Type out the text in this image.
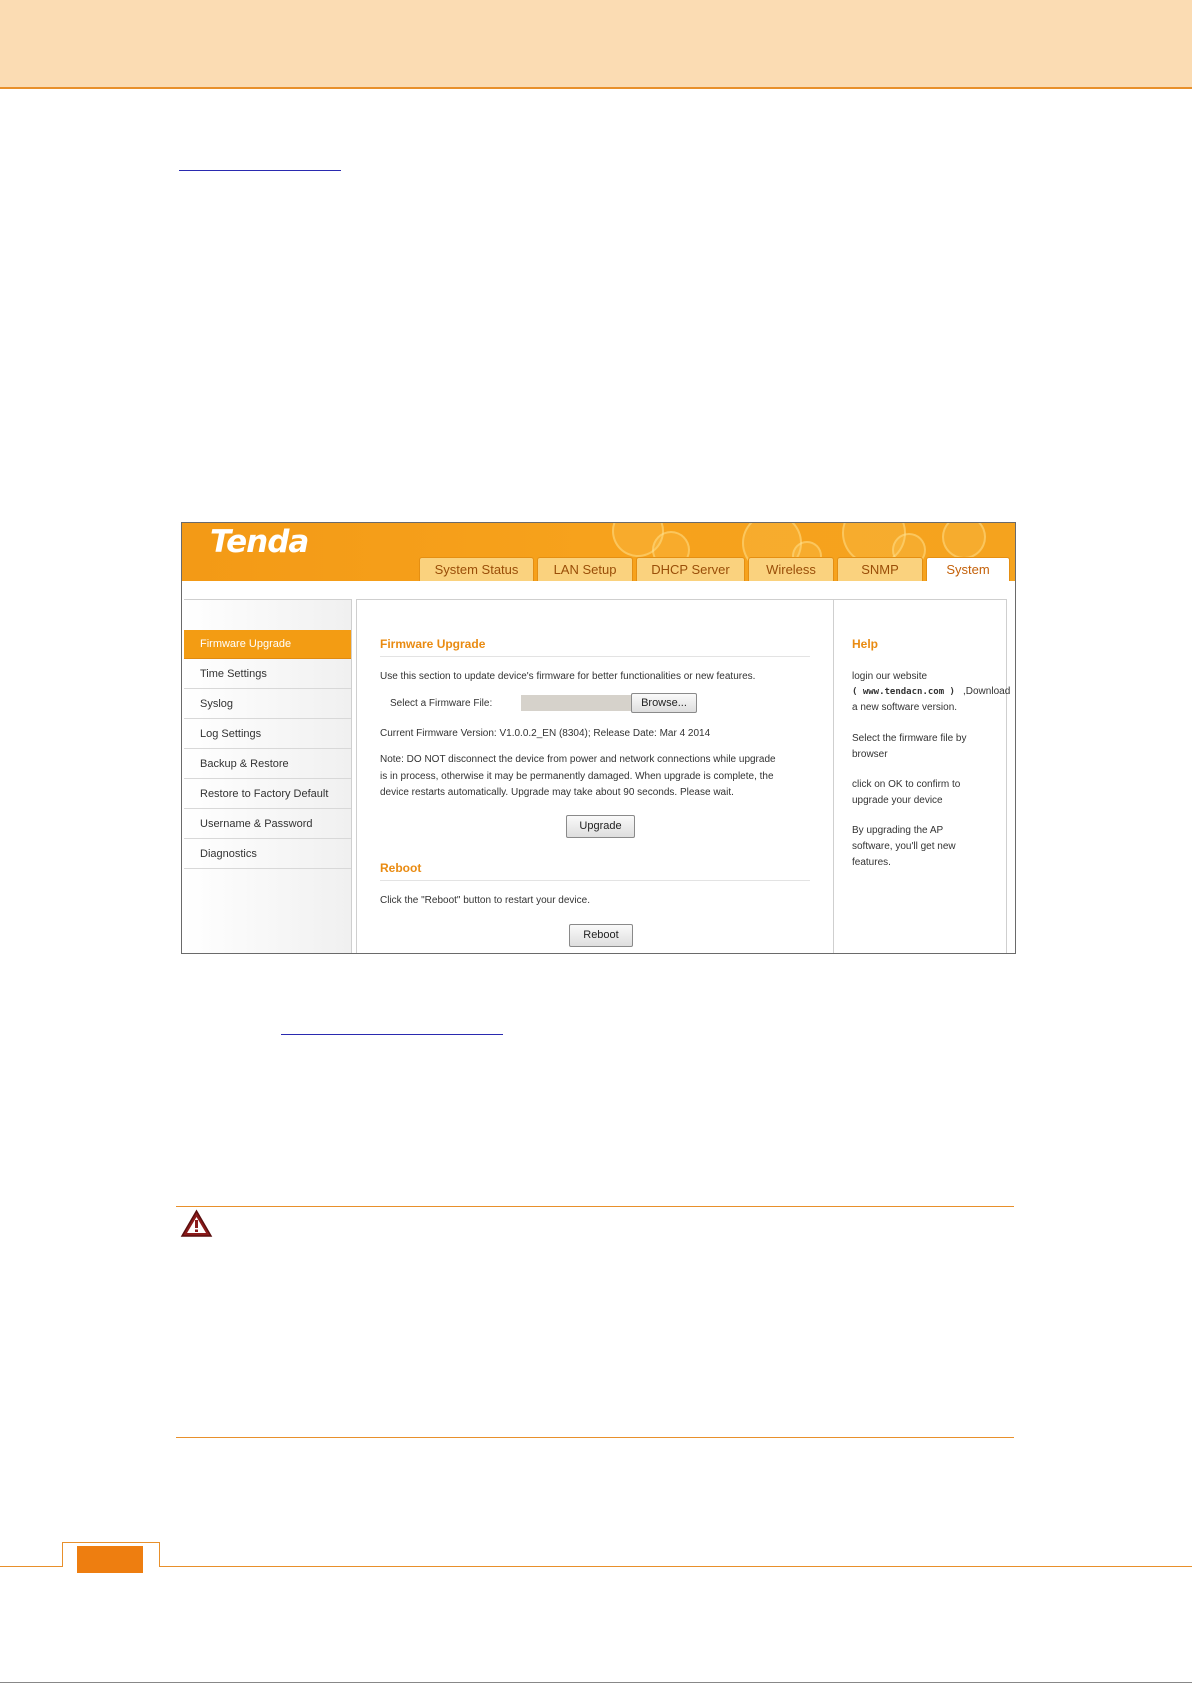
Tenda
System Status	LAN Setup	DHCP Server	Wireless	SNMP	System
Firmware Upgrade
Time Settings
Syslog
Log Settings
Backup & Restore
Restore to Factory Default
Username & Password
Diagnostics
Firmware Upgrade
Use this section to update device's firmware for better functionalities or new features.
Select a Firmware File:	Browse...
Current Firmware Version: V1.0.0.2_EN (8304); Release Date: Mar 4 2014
Note: DO NOT disconnect the device from power and network connections while upgrade
is in process, otherwise it may be permanently damaged. When upgrade is complete, the
device restarts automatically. Upgrade may take about 90 seconds. Please wait.
Upgrade
Reboot
Click the "Reboot" button to restart your device.
Reboot
Help
login our website
( www.tendacn.com ) ,Download
a new software version.
Select the firmware file by
browser
click on OK to confirm to
upgrade your device
By upgrading the AP
software, you'll get new
features.
